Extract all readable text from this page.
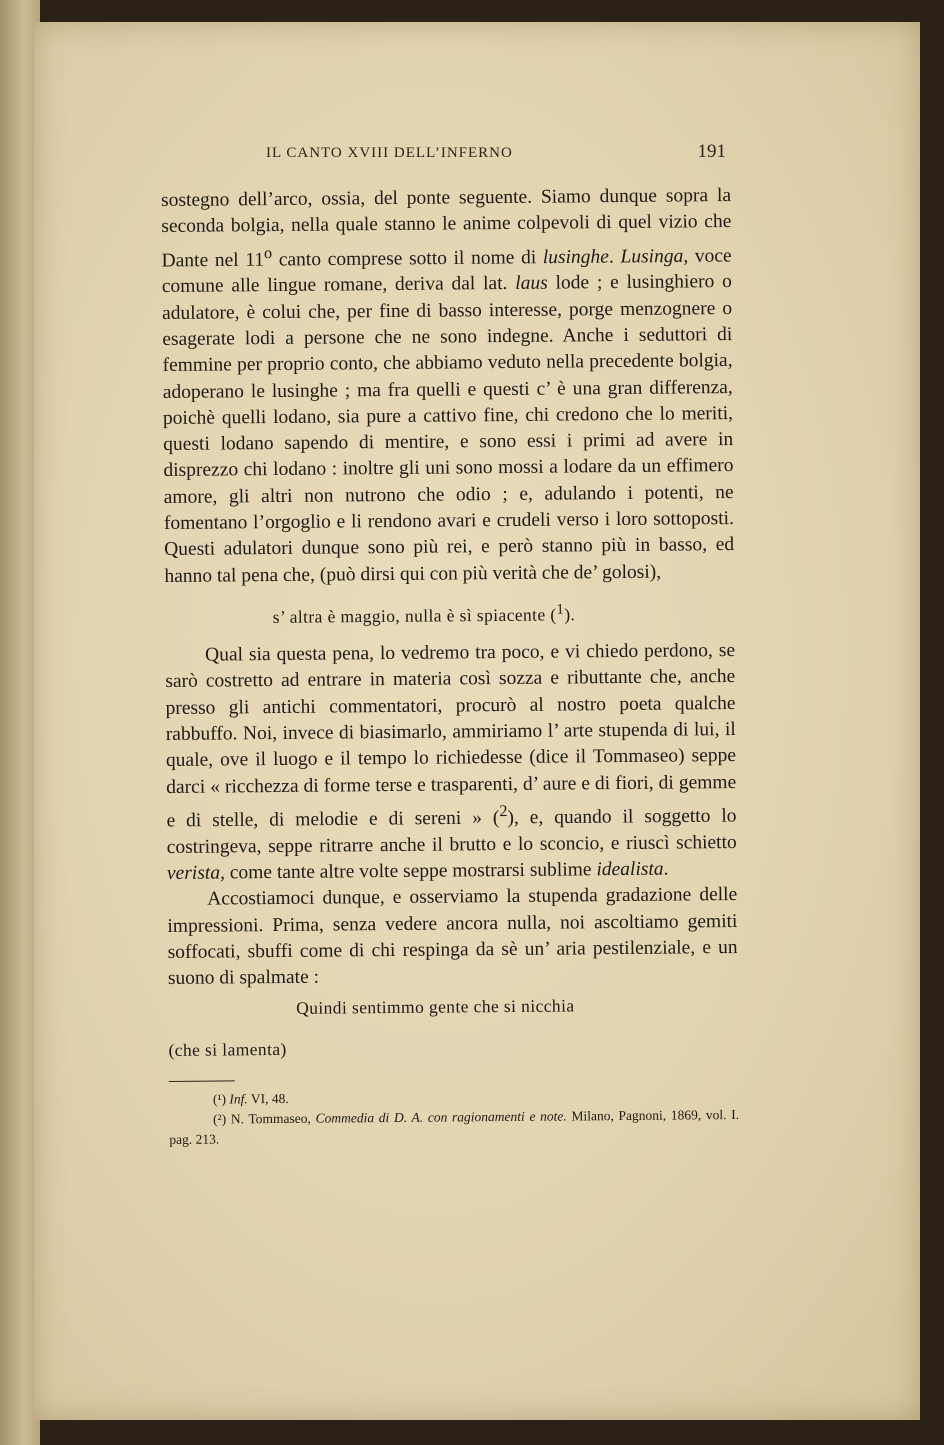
IL CANTO XVIII DELL’INFERNO	191

sostegno dell’arco, ossia, del ponte seguente. Siamo dunque sopra la seconda bolgia, nella quale stanno le anime colpevoli di quel vizio che Dante nel 11$^o$ canto comprese sotto il nome di lusinghe. Lusinga, voce comune alle lingue romane, deriva dal lat. laus lode ; e lusinghiero o adulatore, è colui che, per fine di basso interesse, porge menzognere o esagerate lodi a persone che ne sono indegne. Anche i seduttori di femmine per proprio conto, che abbiamo veduto nella precedente bolgia, adoperano le lusinghe ; ma fra quelli e questi c’ è una gran differenza, poichè quelli lodano, sia pure a cattivo fine, chi credono che lo meriti, questi lodano sapendo di mentire, e sono essi i primi ad avere in disprezzo chi lodano : inoltre gli uni sono mossi a lodare da un effimero amore, gli altri non nutrono che odio ; e, adulando i potenti, ne fomentano l’orgoglio e li rendono avari e crudeli verso i loro sottoposti. Questi adulatori dunque sono più rei, e però stanno più in basso, ed hanno tal pena che, (può dirsi qui con più verità che de’ golosi),

s’ altra è maggio, nulla è sì spiacente ($^1$).

Qual sia questa pena, lo vedremo tra poco, e vi chiedo perdono, se sarò costretto ad entrare in materia così sozza e ributtante che, anche presso gli antichi commentatori, procurò al nostro poeta qualche rabbuffo. Noi, invece di biasimarlo, ammiriamo l’ arte stupenda di lui, il quale, ove il luogo e il tempo lo richiedesse (dice il Tommaseo) seppe darci « ricchezza di forme terse e trasparenti, d’ aure e di fiori, di gemme e di stelle, di melodie e di sereni » ($^2$), e, quando il soggetto lo costringeva, seppe ritrarre anche il brutto e lo sconcio, e riuscì schietto verista, come tante altre volte seppe mostrarsi sublime idealista.

Accostiamoci dunque, e osserviamo la stupenda gradazione delle impressioni. Prima, senza vedere ancora nulla, noi ascoltiamo gemiti soffocati, sbuffi come di chi respinga da sè un’ aria pestilenziale, e un suono di spalmate :

Quindi sentimmo gente che si nicchia

(che si lamenta)

(¹) Inf. VI, 48.

(²) N. Tommaseo, Commedia di D. A. con ragionamenti e note. Milano, Pagnoni, 1869, vol. I. pag. 213.
